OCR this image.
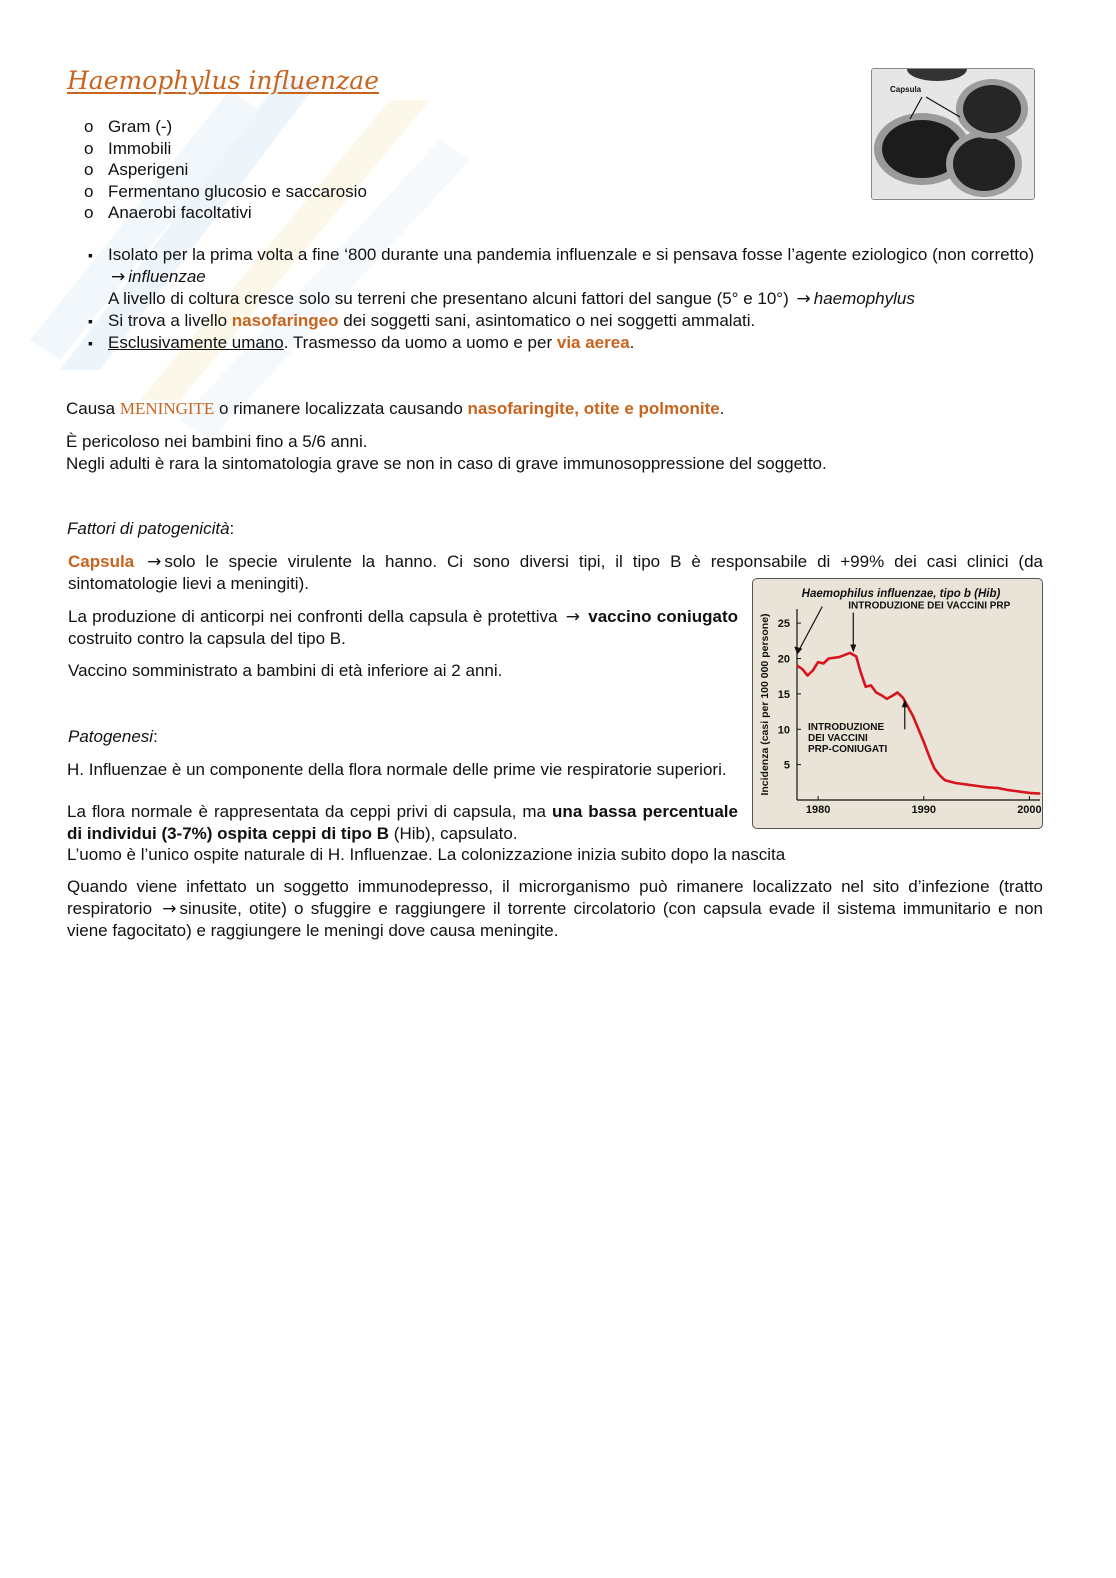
Haemophylus influenzae
o Gram (-)
o Immobili
o Asperigeni
o Fermentano glucosio e saccarosio
o Anaerobi facoltativi
Capsula
▪ Isolato per la prima volta a fine ‘800 durante una pandemia influenzale e si pensava fosse l’agente eziologico (non corretto) → influenzae
A livello di coltura cresce solo su terreni che presentano alcuni fattori del sangue (5° e 10°) → haemophylus
▪ Si trova a livello nasofaringeo dei soggetti sani, asintomatico o nei soggetti ammalati.
▪ Esclusivamente umano. Trasmesso da uomo a uomo e per via aerea.

Causa MENINGITE o rimanere localizzata causando nasofaringite, otite e polmonite.

È pericoloso nei bambini fino a 5/6 anni.

Negli adulti è rara la sintomatologia grave se non in caso di grave immunosoppressione del soggetto.

Fattori di patogenicità:

Capsula → solo le specie virulente la hanno. Ci sono diversi tipi, il tipo B è responsabile di +99% dei casi clinici (da sintomatologie lievi a meningiti).

La produzione di anticorpi nei confronti della capsula è protettiva → vaccino coniugato costruito contro la capsula del tipo B.

Vaccino somministrato a bambini di età inferiore ai 2 anni.

Patogenesi:

H. Influenzae è un componente della flora normale delle prime vie respiratorie superiori.

La flora normale è rappresentata da ceppi privi di capsula, ma una bassa percentuale di individui (3-7%) ospita ceppi di tipo B (Hib), capsulato.

L’uomo è l’unico ospite naturale di H. Influenzae. La colonizzazione inizia subito dopo la nascita

Quando viene infettato un soggetto immunodepresso, il microrganismo può rimanere localizzato nel sito d’infezione (tratto respiratorio → sinusite, otite) o sfuggire e raggiungere il torrente circolatorio (con capsula evade il sistema immunitario e non viene fagocitato) e raggiungere le meningi dove causa meningite.

Haemophilus influenzae, tipo b (Hib)
Incidenza (casi per 100 000 persone) 5
10
15
20
25
1980	1990	2000
INTRODUZIONE DEI VACCINI PRP
INTRODUZIONE
DEI VACCINI
PRP-CONIUGATI
